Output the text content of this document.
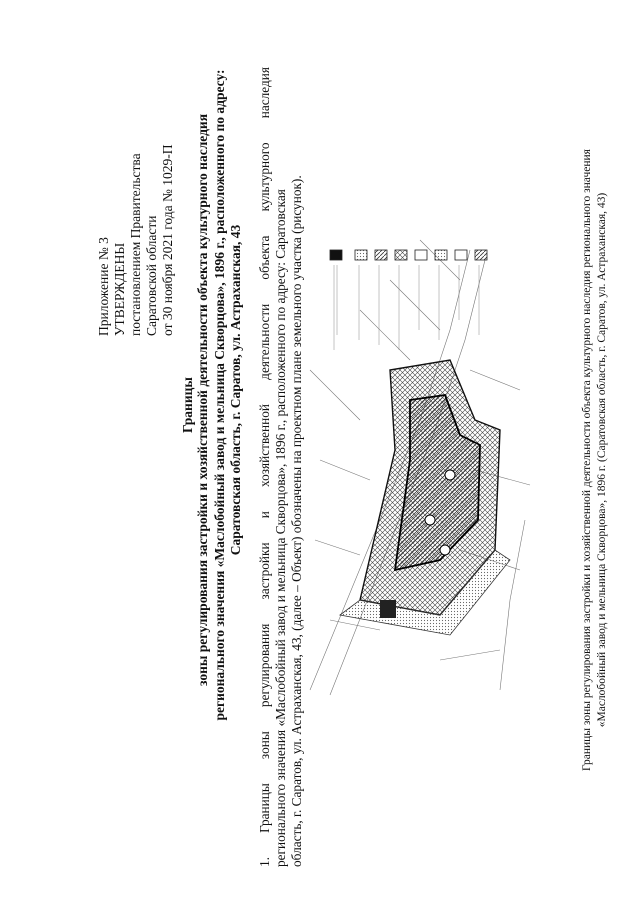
Приложение № 3 УТВЕРЖДЕНЫ постановлением Правительства Саратовской области от 30 ноября 2021 года № 1029-П
Границы зоны регулирования застройки и хозяйственной деятельности объекта культурного наследия регионального значения «Маслобойный завод и мельница Скворцова», 1896 г., расположенного по адресу: Саратовская область, г. Саратов, ул. Астраханская, 43 1. Границы зоны регулирования застройки и хозяйственной деятельности объекта культурного наследия регионального значения «Маслобойный завод и мельница Скворцова», 1896 г., расположенного по адресу: Саратовская область, г. Саратов, ул. Астраханская, 43, (далее – Объект) обозначены на проектном плане земельного участка (рисунок).	Границы зоны регулирования застройки и хозяйственной деятельности объекта культурного наследия регионального значения «Маслобойный завод и мельница Скворцова», 1896 г. (Саратовская область, г. Саратов, ул. Астраханская, 43)
